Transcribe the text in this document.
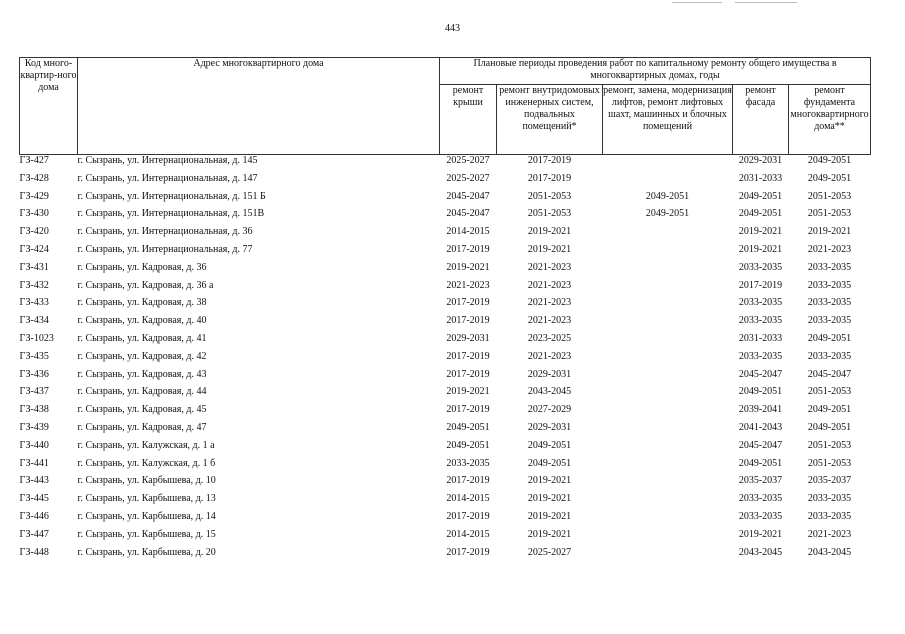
443
Код много-квартир-ного дома	Адрес многоквартирного дома	Плановые периоды проведения работ по капитальному ремонту общего имущества в многоквартирных домах, годы				
		ремонт крыши	ремонт внутридомовых инженерных систем, подвальных помещений*	ремонт, замена, модернизация лифтов, ремонт лифтовых шахт, машинных и блочных помещений	ремонт фасада	ремонт фундамента многоквартирного дома**
ГЗ-427	г. Сызрань, ул. Интернациональная, д. 145	2025-2027	2017-2019		2029-2031	2049-2051
ГЗ-428	г. Сызрань, ул. Интернациональная, д. 147	2025-2027	2017-2019		2031-2033	2049-2051
ГЗ-429	г. Сызрань, ул. Интернациональная, д. 151 Б	2045-2047	2051-2053	2049-2051	2049-2051	2051-2053
ГЗ-430	г. Сызрань, ул. Интернациональная, д. 151В	2045-2047	2051-2053	2049-2051	2049-2051	2051-2053
ГЗ-420	г. Сызрань, ул. Интернациональная, д. 36	2014-2015	2019-2021		2019-2021	2019-2021
ГЗ-424	г. Сызрань, ул. Интернациональная, д. 77	2017-2019	2019-2021		2019-2021	2021-2023
ГЗ-431	г. Сызрань, ул. Кадровая, д. 36	2019-2021	2021-2023		2033-2035	2033-2035
ГЗ-432	г. Сызрань, ул. Кадровая, д. 36 а	2021-2023	2021-2023		2017-2019	2033-2035
ГЗ-433	г. Сызрань, ул. Кадровая, д. 38	2017-2019	2021-2023		2033-2035	2033-2035
ГЗ-434	г. Сызрань, ул. Кадровая, д. 40	2017-2019	2021-2023		2033-2035	2033-2035
ГЗ-1023	г. Сызрань, ул. Кадровая, д. 41	2029-2031	2023-2025		2031-2033	2049-2051
ГЗ-435	г. Сызрань, ул. Кадровая, д. 42	2017-2019	2021-2023		2033-2035	2033-2035
ГЗ-436	г. Сызрань, ул. Кадровая, д. 43	2017-2019	2029-2031		2045-2047	2045-2047
ГЗ-437	г. Сызрань, ул. Кадровая, д. 44	2019-2021	2043-2045		2049-2051	2051-2053
ГЗ-438	г. Сызрань, ул. Кадровая, д. 45	2017-2019	2027-2029		2039-2041	2049-2051
ГЗ-439	г. Сызрань, ул. Кадровая, д. 47	2049-2051	2029-2031		2041-2043	2049-2051
ГЗ-440	г. Сызрань, ул. Калужская, д. 1 а	2049-2051	2049-2051		2045-2047	2051-2053
ГЗ-441	г. Сызрань, ул. Калужская, д. 1 б	2033-2035	2049-2051		2049-2051	2051-2053
ГЗ-443	г. Сызрань, ул. Карбышева, д. 10	2017-2019	2019-2021		2035-2037	2035-2037
ГЗ-445	г. Сызрань, ул. Карбышева, д. 13	2014-2015	2019-2021		2033-2035	2033-2035
ГЗ-446	г. Сызрань, ул. Карбышева, д. 14	2017-2019	2019-2021		2033-2035	2033-2035
ГЗ-447	г. Сызрань, ул. Карбышева, д. 15	2014-2015	2019-2021		2019-2021	2021-2023
ГЗ-448	г. Сызрань, ул. Карбышева, д. 20	2017-2019	2025-2027		2043-2045	2043-2045
